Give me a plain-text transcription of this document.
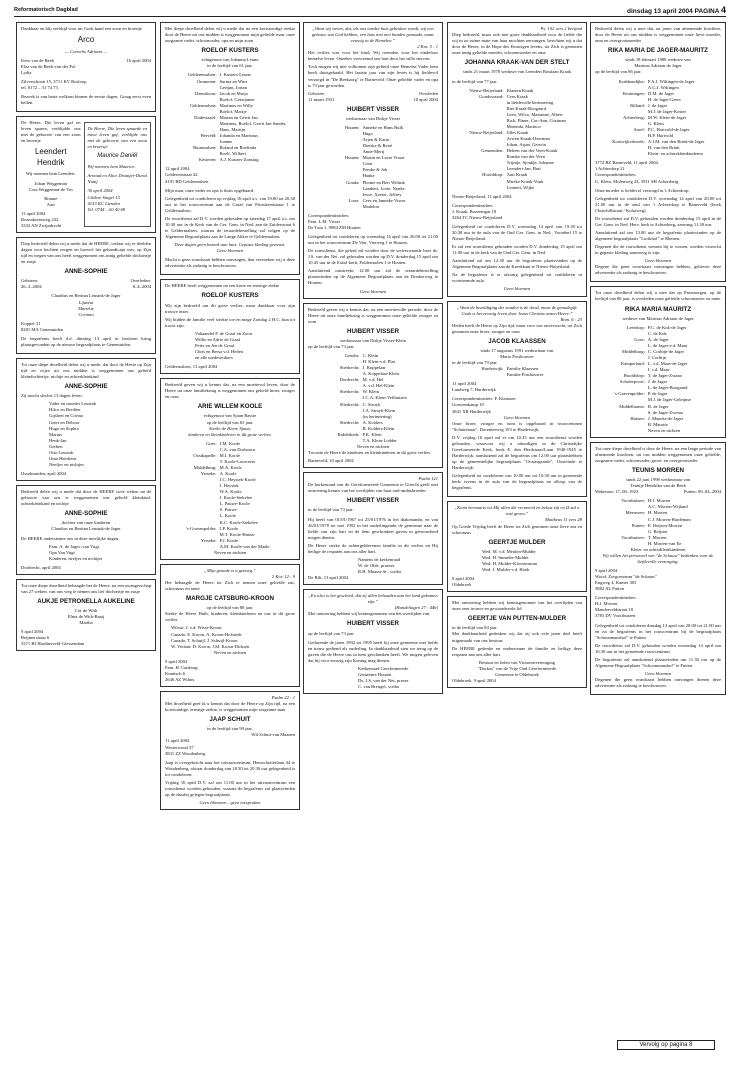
Reformatorisch Dagblad	dinsdag 13 april 2004 PAGINA 4
Dankbaar en blij verblijd voor uit Gods hand een zoon en broertje
Arco
— Cornelis Adriaan —
Kees van de Beek	16 april 2004
Elza van de Beek-van der Pol
Lydia
Zilverschoon 15, 3711 KV Rosloop
tel. 0172 – 31 74 73
Bezoek is van harte welkom binnen de eerste dagen. Graag eerst even bellen.
De Heere, Die leven gaf en leven sparen, verblijdde ons met de geboorte van een zoon en broertje
Leendert Hendrik
Wij noemen hem Leendert.
Johan Weggeman
Cora Weggeman-de Vos
Rianne
Aart
11 april 2004
Rozenkransweg 232
3332 AN Zwijndrecht
De Heere, Die leven spaarde en mooi leven gaf, verblijde ons met de geboorte van een zoon en broertje
Maurice Daniël
Wij noemen hem Maurice.
Arnoud en Alice Draaijer-Dural
Naaij
30 april 2004
Gildere Singel 13
4153 KC Lienden
Tel. 0744 – 60 40 68
Diep bedroefd delen wij u mede dat de HEERE, toelaat wij er deelden dagen voor hechten zorgen en hoewel het gehandicapt was, op Zijn tijd en wegen van ons heeft weggenomen ons innig geliefde dochtertje en zusje
ANNE-SOPHIE
Geboren:	Overleden:
26–3–2004	8–4–2004
Claudius en Bertina Leusink-de Jager
Lijanna
Mariëtte
Corinna
Koppel 31
8281 MA Genemuiden
De begrafenis heeft d.d. dinsdag 13 april in besloten kring plaatsgevonden op de nieuwe begraafplaats te Genemuiden.
Tot onze diepe droefheid delen wij u mede, dat door de Heere op Zijn tijd en wijze uit ons midden is weggenomen ons geliefd kleindochtertje, nichtje en achterkleinkind
ANNE-SOPHIE
Zij mocht slechts 13 dagen leven.
Vader en moeder Leusink
Hilco en Berdien
Gijsbert en Corina
Geert en Debora
Hugo en Sophia
Marius
Henk-Jan
Gerben
Otto Leusink
Oma Heerkens
Neefjes en nichtjes
IJsselmuiden, april 2004
Bedroefd delen wij u mede dat door de HEERE twee weken na de geboorte van ons is weggenomen ons geliefd kleinkind, achterkleinkind en nichtje
ANNE-SOPHIE
dochter van onze kinderen
Claudius en Bertina Leusink-de Jager
De HEERE ondersteune ons in deze moeilijke dagen.
Fam. A. de Jager–van Vugt
Opa Van Vugt
Kinderen, neefjes en nichtjes
Dordrecht, april 2004
Tot onze diepe droefheid behaagde het de Heere, na een zwangerschap van 27 weken, van ons weg te nemen ons lief dochtertje en zusje
AUKJE PETRONELLA AUKELINE
Cor de With
Elma de With-Baaij
Martha
9 april 2004
Reijmerstraat 6
3371 BJ Hardinxveld-Giessendam
Met diepe droefheid delen wij u mede dat na een kortstondige ziekte door de Heere uit ons midden is weggenomen mijn geliefde man, onze zorgzame vader, schoonvader, opa en mijn zoon
ROELOF KUSTERS
echtgenoot van Johanna Leune
in de leeftijd van 61 jaar.
Gelderemalsen: J. Kusters-Leune
Ommeren: Sarina en Wim
Gertjan, Jorian
IJzendoorn: Jacob en Marja
Roelof, Geertjanne
Geldermalsen: Martinus en Willy
Roelof, Marije
Dodewaard: Marian en Gerrit Jan
Martinus, Roelof, Gerrit Jan Sander, Hans, Martijn
Herveld: Johanda en Martinus
Joanne
Buurmalsen: Roland en Roelinda
Roelf, Wilbert
Kesteren: A.J. Kusters-Zonstag
12 april 2004
Gelderenstraat 42
4191 BD Geldermalsen
Mijn man, onze vader en opa is thuis opgebaard.
Gelegenheid tot condoleren op vrijdag 16 april a.s. van 19.00 tot 20.30 uur in het rouwcentrum aan de Graaf van Prinsterenstraat 1 te Geldermalsen.
De rouwdienst zal D.V. worden gehouden op zaterdag 17 april a.s. om 10.30 uur in de Kerk van de Ger. Gem. in Ned. aan de Zuiderstraat 6 te Geldermalsen, waarna de teraardebestelling zal volgen op de Algemene Begraafplaats aan de Lange Akker te Geldermalsen.
Deze dagen geen bezoek aan huis. Gepaste kleding gewenst.
Geen bloemen
Mocht u geen rouwkaart hebben ontvangen, dan verzoeken wij u deze advertentie als zodanig te beschouwen.
De HEERE heeft weggenomen na een korte en ernstige ziekte
ROELOF KUSTERS
Wij zijn bedroefd om dit grote verlies, maar dankbaar voor zijn trouwe inzet.
Wij bidden de familie veel sterkte toe en mage Zondag 2 H.C. hun tot troost zijn.
Vakaandel P. de Graaf en Zoon
Willie en Adrie de Graaf
Peter en Jen de Graaf
Chris en Bersa v.d. Heden
en alle medewerkers
Geldermalsen, 13 april 2004
Bedroefd geven wij u kennis dat, na een moeitevol leven, door de Heere uit onze familiekring is weggenomen ons geliefd broer, zwager en oom
ARIE WILLEM KOOLE
echtgenoot van Sjaan Bassie
op de leeftijd van 65 jaar.
Sterke de Heere Sjaan,
kinderen en kleinkinderen in dit grote verlies.
Goes: J.M. Koole
C.A. van Dorhoorn
Oostkapelle: M.I. Koole
T. Koole-Louwerse
Middelburg: M.A. Koole
Yerseke: A. Koole
J.C. Heystek-Koole
J. Heystek
W.A. Koole
J. Koole-Stekelee
L. Pauwe-Koole
S. Pauwe
L. Koole
K.C. Koole-Stekelee
's-Gravenpolder: J.P. Koole
M.T. Koole-Huizer
Yerseke: P.J. Koole
A.M. Koole-van der Maale
Neven en nichten
„Mijn genade is u genoeg.”
2 Kor. 12 : 9
Het behaagde de Heere tot Zich te nemen onze geliefde zus, schoonzus en tante
MARGJE CATSBURG-KROON
op de leeftijd van 88 jaar.
Sterke de Heere Huib, kinderen, kleinkinderen en ons in dit grote verlies.
Wilsur: J. v.d. Wiser-Kroon
Canada: E. Kroon, A. Kroon-Hofstede
Canada: T. Schuijl, J. Schuijl-Kroon
W. Verlaat: D. Kroon, J.M. Kroon-Dirksen
Neven en nichten
9 april 2004
Fam. H. Catsburg
Knuttsch 6
2646 AZ Wilnis
Psalm 22 : 1
Met droefheid geef ik u kennis dat door de Heere op Zijn tijd, na een kortstondige, ernstige ziekte, is weggenomen mijn zorgzame man
JAAP SCHUIT
in de leeftijd van 99 jaar.
Wil Schuit-van Maanen
11 april 2004
Westerwoud 37
3831 ZZ Woudenberg
Jaap is overgebracht naar het uitvaartcentrum, Hemschotterlaan 44 te Woudenberg, alwaar donderdag van 18.30 tot 20.30 uur gelegenheid is tot condoleren.
Vrijdag 16 april D.V. zal om 11.00 uur in het uitvaartcentrum een rouwdienst worden gehouden, waarna de begrafenis zal plaatsvinden op de daarbij gelegen begraafplaats.
Geen bloemen – geen toespraken
„Want wij weten, dat, als ons aardse huis gebroken wordt, wij een gebouw van God hebben, een huis niet met handen gemaakt, maar eeuwig in de Hemelen.”
2 Kor. 5 : 1
Het verlies was voor het kind. Wij roemden voor het eindeloos hemelse leven. Onzeker vervreemd ons hart door het stille sterven.
Toch mogen wij niet volkomen zijn geliefd onze Hemelse Vader hem heeft thuisgehaald. Het laatste jaar van zijn leven is hij liefdevol verzorgd in "De Beekzorg" te Barneveld. Onze geliefde vader en opa is 73 jaar geworden.
Geboren	Overleden
11 maart 1931	10 april 2004
HUIBERT VISSER
weduwnaar van Dirkje Visser
Houten: Anneke en Hans Bulk
Hugo
Arjen & Karin
Dietske & René
Anne-Merij
Houten: Martin en Lucie Visser
Coen
Femke & Job
Hanke
Gouda: Phonie en Bert Wiltink
Lambert, Lotte, Nynke
Jesse, Xavier, Jeffrey
Lisse: Cees en Janneke Visser
Madelon
Correspondentieadres:
Fam. L.M. Visser
De Tuin 1, 9984 ZM Houten
Gelegenheid tot condoleren op woensdag 14 april van 20.00 tot 21.00 uur in het rouwcentrum De Vier, Vierweg 1 te Houten.
De rouwdienst, die geleid zal worden door de weleerwaarde heer ds. J.S. van der Net, zal gehouden worden op D.V. donderdag 15 april om 10.45 uur in de Eskol-kerk, Poldermolen 1 te Houten.
Aansluitend omstreeks 12.00 uur zal de teraardebestelling plaatsvinden op de Algemene Begraafplaats aan de Donkerweg te Houten.
Geen bloemen
Bedroefd geven wij u kennis dat, na een moeitevolle periode, door de Heere uit onze familiekring is weggenomen onze geliefde zwager en oom
HUIBERT VISSER
weduwnaar van Dirkje Visser-Klein
op de leeftijd van 73 jaar.
Genshs: C. Klein
H. Klein-v.d. Plas
Sliedrecht: J. Koppelaar
A. Koppelaar-Klein
Dordrecht: M. v.d. Hel
A. v.d. Hel-Klein
Sliedrecht: W. Klein
J.C.A. Klein-Velthuizen
Sliedrecht: C. Struyk
J.A. Struyk-Klein
(in herinnering)
Sliedrecht: A. Kolders
B. Kolders-Klein
Ridderkerk: P.K. Klein
T.A. Klein-Lodder
Neven en nichten
Troostte de Heere de kinderen en kleinkinderen in dit grote verlies.
Barneveld, 10 april 2004
Psalm 121
De kerkenraad van de Gereformeerde Gemeente te Utrecht geeft met ontroering kennis van het overlijden van haar oud-ambtsbroeder
HUIBERT VISSER
in de leeftijd van 73 jaar.
Hij heeft van 01/01/1967 tot 25/01/1976 in het diakenambt, en van 26/01/1978 tot mei 1992 in het ouderlingambt de gemeente naar de liefde van zijn hart en de hem geschonken gaven in getrouwheid mogen dienen.
De Heere sterke de achtergeblevenen familie in dit verlies en Hij heilige de respaten aan ons aller hart.
Namens de kerkenraad
W. de Olde, praeses
R.H. Maasse Sr., scriba
De Bilt, 13 april 2004
„En also is het geschied, dat zij allen behouden aan het land gekomen zijn.”
(Handelingen 27 : 44b)
Met ontroering hebben wij kennisgenomen van het overlijden van
HUIBERT VISSER
op de leeftijd van 73 jaar.
Gedurende de jaren 1992 tot 1995 heeft hij onze gemeente met liefde en trouw gediend als ouderling. In dankbaarheid zien we terug op de gaven die de Heere ons in hem geschonken heeft. We mogen geloven dat hij voor eeuwig zijn Koning mag dienen.
Kerkenraad Gereformeerde
Gemeente Houten
Ds. J.S. van der Net, preses
C. van Breugel, scriba
Ps. 102 vers 2 berijmd
Diep bedroefd, maar ook met grote dankbaarheid voor de liefde die wij in zo ruime mate van haar mochten ontvangen, berichten wij u dat door de Heere, in de Hope des Eeuwigen levens, tot Zich is genomen onze innig geliefde moeder, schoonmoeder en oma
JOHANNA KRAAK-VAN DER STELT
sinds 21 maart 1978 weduwe van Leendert Bastiaan Kraak
in de leeftijd van 77 jaar.
Nieuw-Beijerland: Klazien Kraak
Goudswaard: Cees Kraak
in liefdevolle herinnering
Riet Kraak-Boogaard
Leen, Wilco, Marianne, Albert
Rick, Elmer, Cor-Ann, Costinan
Marenda, Marinco
Nieuw-Beijerland: Jilles Kraak
Arwen Kraak-IJzerman
Johan, Arjan, Gerwin
Gemeniden: Heleen van der Veen-Kraak
Romke van der Veen
Trijntje, Sjoukje, Johanne
Leendert-Jan, Bart
Hoofddorp: Aart Kraak
Mireke Kraak-Vonk
Lennert, Wijke
Nieuw-Beijerland, 11 april 2004
Correspondentieadres:
J. Kraak, Boezemgat 18
3264 TC Nieuw-Beijerland
Gelegenheid tot condoleren D.V. woensdag 14 april van 19.30 tot 20.30 uur in de aula van de Oud Ger. Gem. in Ned., Voordeel 15 te Nieuw-Beijerland.
Er zal een rouwdienst gehouden worden D.V. donderdag 15 april om 11.00 uur in de kerk van de Oud Ger. Gem. in Ned.
Aansluitend zal om 12.30 uur de begrafenis plaatsvinden op de Algemene Begraafplaats aan de Kreekkant te Nieuw-Beijerland.
Na de begrafenis is er afzonig gelegenheid tot condoleren in voornoemde aula.
Geen bloemen
„Want de bezoldiging der zonden is de dood, maar de genadegift Gods is het eeuwig leven door Jezus Christus onzen Heere.”
Rom. 6 : 23
Heden heeft de Heere op Zijn tijd, maar voor ons onverwacht, tot Zich genomen onze broer, zwager en oom
JACOB KLAASSEN
sinds 17 augustus 1991 weduwnaar van
Maria Posthouwer
in de leeftijd van 79 jaar.
Harderwijk: Familie Klaassen
Familie Posthouwer
11 april 2004
Landweg 7, Harderwijk
Correspondentieadres: F. Klaassen
Goeseenkamp 10
3841 XR Harderwijk
Geen bloemen
Onze broer, zwager en oom is opgebaard in rouwcentrum "Schuttenaar", Dorenterweg 193 te Harderwijk.
D.V. vrijdag 16 april zal er om 10.45 uur een rouwdienst worden gehouden, waarvoor wij u uitnodigen in de Christelijke Gereformeerde Kerk, hoek E. den Herdstraat/Laan 1940-1945 te Harderwijk; aansluitend zal de begrafenis om 12.00 uur plaatshebben op de gemeentelijke begraafplaats "Oostergaarde", Oosteinde te Harderwijk.
Gelegenheid tot condoleren van 10.00 uur tot 10.30 uur in genoemde kerk; tevens in de aula van de begraafplaats na afloop van de begrafenis.
„Komt hernaarts tot Mij allen die vermoeid en belast zijt en Ik zal u rust geven.”
Mattheus 11 vers 28
Op Goede Vrijdag heeft de Heere tot Zich genomen onze lieve zus en schoonzus
GEERTJE MULDER
Wed. M. v.d. Meulen-Mulder
Wed. H. Immeler-Mulder
Wed. H. Mulder-Kloosterman
Wed. J. Mulder-v.d. Hoek
9 april 2004
Oldebroek
Met ontroering hebben wij kennisgenomen van het overlijden van onze zeer trouwe en gewaardeerde lid
GEERTJE VAN PUTTEN-MULDER
in de leeftijd van 84 jaar.
Met dankbaarheid gedenken wij dat zij ook vele jaren deel heeft uitgemaakt van ons bestuur.
De HEERE gedenke en ondersteune de familie en heilige deze respaten aan ons aller hart.
Bestuur en leden van Vrouwenvereniging
"Dorkas" van de Vrije Oud Gereformeerde
Gemeente te Oldebroek
Oldebroek, 9 april 2004
Bedroefd delen wij u mee dat, na jaren van afnemende krachten, door de Heere uit ons midden is weggenomen onze lieve moeder, oma en overgrootmoeder
RIKA MARIA DE JAGER-MAURITZ
sinds 18 februari 1988 weduwe van
Marinus Adriaan de Jager
op de leeftijd van 86 jaar.
Krabbendijke: P.A.J. Wiltingen-de Jager
A.C.J. Wiltingen
Kruiningen: D.M. de Jager
H. de Jager-Geers
Rilland: J. de Jager
M.J. de Jager-Koster
Achterberg: M.W. Klein-de Jager
G. Klein
Sasel: P.C. Hartvold-de Jager
H.P. Hartvold
Kootwijkerbroek: A.J.M. van den Brink-de Jager
H. van den Brink
Klein- en achterkleinkinderen
3772 BZ Barneveld, 11 april 2004
't Achterdorp 21
Correspondentieadres:
G. Klein, Molenweg 24, 3911 SH Achterberg
Onze moeder is liefdevol verzorgd in 't Achterdorp.
Gelegenheid tot condoleren D.V. woensdag 14 april van 20.00 tot 21.00 uur in de aaul van 't Achterdorp te Barneveld (hoek Churchillstraat / Kolarweg).
De rouwdienst zal D.V. gehouden worden donderdag 15 april in de Ger. Gem. in Ned. Herv. kerk te Achterberg, aanvang 11.30 uur.
Aansluitend zal om 13.00 uur de begrafenis plaatsvinden op de algemene begraafplaats "Lorikhof" te Rhenen.
Degenen die de rouwdienst wensen bij te wonen, worden verzocht in gepaste kleding aanwezig te zijn.
Geen bloemen
Degene die geen rouwkaart ontvangen hebben, gelieven deze advertentie als zodanig te beschouwen.
Tot onze droefheid delen wij u mee dat op Paasmorgen, op de leeftijd van 86 jaar, is overleden onze geliefde schoonzuster en tante
RIKA MARIA MAURITZ
weduwe van Marinus Adriaan de Jager
Leerdorp: P.C. de Kok-de Jager
C. de Kok
Goes: A. de Jager
L. de Jager-v.d. Maas
Middelburg: C. Corbijn-de Jager
J. Corbijn
Kamperland: L. v.d. Maas-de Jager
I. v.d. Maas
Hoofddorp: T. de Jager-Zwaan
Schoterpoort: J. de Jager
L. de Jager-Boogaard
's-Gravenpolder: P. de Jager
M.J. de Jager-Geleijnse
Middelharnis: B. de Jager
S. de Jager-Zwerus
Huizen: J. Mauritz-de Jager
B. Mauritz
Neven en nichten
Tot onze diepe droefheid is door de Heere, na een lange periode van afnemende krachten, uit ons midden weggenomen onze geliefde, zorgzame vader, schoonvader, groot- en overgrootvader
TEUNIS MORREN
sinds 22 juni 1998 weduwnaar van
Teuntje Hendrika van de Beek
Wekerom: 17–08–1923	Putten: 09–04–2004
Voorthuizen: H.J. Morren
A.C. Morren-Wijland
Meeuwen: H. Morren
C.J. Morren-Hardeman
Putten: E. Beijsen-Morren
G. Beijsen
Voorthuizen: T. Morren
H. Morren-van Ee
Klein- en achterkleinkinderen
Wij willen het personeel van "de Schauw" bedanken voor de liefdevolle verzorging.
9 april 2004
Wood: Zorgcentrum "de Schauw"
Engweg 4, Kamer 305
3882 AL Putten
Correspondentieadres:
H.J. Morren
Manderveldstraat 18
3781 DV Voorthuizen
Gelegenheid tot condoleren dinsdag 13 april van 20.00 tot 21.00 uur en na de begrafenis in het rouwcentrum bij de begraafplaats "Schoonmanshof" te Putten.
De rouwdienst zal D.V. gehouden worden woensdag 14 april om 10.30 uur in het genoemde rouwcentrum.
De begrafenis zal aansluitend plaatsvinden om 11.30 uur op de Algemene Begraafplaats "Schoonmanshof" te Putten.
Geen bloemen
Degenen die geen rouwkaart hebben ontvangen dienen deze advertentie als zodanig te beschouwen.
Vervolg op pagina 8
